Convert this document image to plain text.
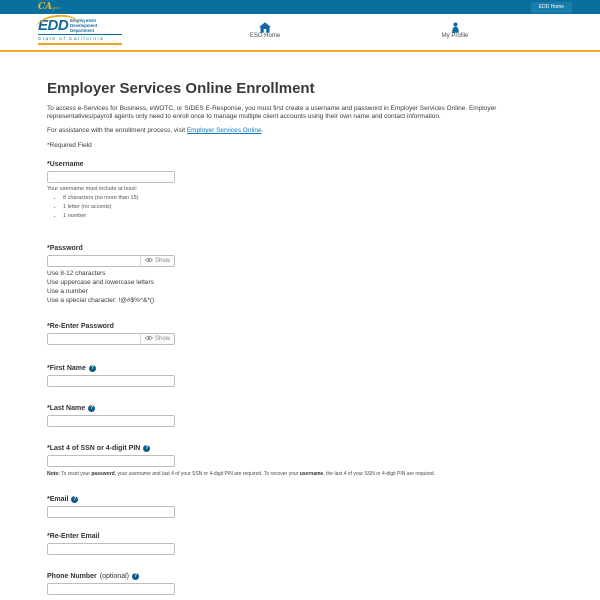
CAgov	EDD Home
EDD Employment
Development
Department
State of California	ESO Home	My Profile
Employer Services Online Enrollment

To access e-Services for Business, eWOTC, or SIDES E-Response, you must first create a username and password in Employer Services Online. Employer representatives/payroll agents only need to enroll once to manage multiple client accounts using their own name and contact information.

For assistance with the enrollment process, visit Employer Services Online.

*Required Field

*Username
Your username must include at least:
• 8 characters (no more than 15)
• 1 letter (no accents)
• 1 number
*Password
Show
Use 8-12 characters
Use uppercase and lowercase letters
Use a number
Use a special character: !@#$%^&*()
*Re-Enter Password
Show
*First Name ?
*Last Name ?
*Last 4 of SSN or 4-digit PIN ?
Note: To reset your password, your username and last 4 of your SSN or 4-digit PIN are required. To recover your username, the last 4 of your SSN or 4-digit PIN are required.
*Email ?
*Re-Enter Email
Phone Number (optional) ?
